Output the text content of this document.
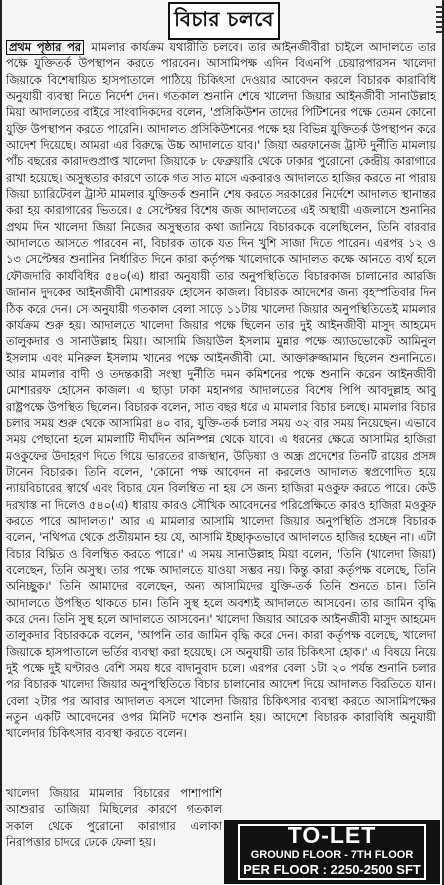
বিচার চলবে

প্রথম পৃষ্ঠার পর মামলার কার্যক্রম যথারীতি চলবে। তার আইনজীবীরা চাইলে আদালতে তার পক্ষে যুক্তিতর্ক উপস্থাপন করতে পারবেন। আসামিপক্ষ এদিন বিএনপি চেয়ারপারসন খালেদা জিয়াকে বিশেষায়িত হাসপাতালে পাঠিয়ে চিকিৎসা দেওয়ার আবেদন করলে বিচারক কারাবিধি অনুযায়ী ব্যবস্থা নিতে নির্দেশ দেন। গতকাল শুনানি শেষে খালেদা জিয়ার আইনজীবী সানাউল্লাহ মিয়া আদালতের বাইরে সাংবাদিকদের বলেন, 'প্রসিকিউশন তাদের পিটিশনের পক্ষে তেমন কোনো যুক্তি উপস্থাপন করতে পারেনি। আদালত প্রসিকিউশনের পক্ষে হয় বিভিন্ন যুক্তিতর্ক উপস্থাপন করে আদেশ দিয়েছে। আমরা এর বিরুদ্ধে উচ্চ আদালতে যাব।' জিয়া অরফানেজ ট্রাস্ট দুর্নীতি মামলায় পাঁচ বছরের কারাদণ্ডপ্রাপ্ত খালেদা জিয়াকে ৮ ফেব্রুয়ারি থেকে ঢাকার পুরোনো কেন্দ্রীয় কারাগারে রাখা হয়েছে। অসুস্থতার কারণে তাকে গত সাত মাসে একবারও আদালতে হাজির করতে না পারায় জিয়া চ্যারিটেবল ট্রাস্ট মামলার যুক্তিতর্ক শুনানি শেষ করতে সরকারের নির্দেশে আদালত স্থানান্তর করা হয় কারাগারের ভিতরে। ৫ সেপ্টেম্বর বিশেষ জজ আদালতের এই অস্থায়ী এজলাসে শুনানির প্রথম দিন খালেদা জিয়া নিজের অসুস্থতার কথা জানিয়ে বিচারককে বলেছিলেন, তিনি বারবার আদালতে আসতে পারবেন না, বিচারক তাকে যত দিন খুশি সাজা দিতে পারেন। এরপর ১২ ও ১৩ সেপ্টেম্বর শুনানির নির্ধারিত দিনে কারা কর্তৃপক্ষ খালেদাকে আদালত কক্ষে আনতে ব্যর্থ হলে ফৌজদারি কার্যবিধির ৫৪০(এ) ধারা অনুযায়ী তার অনুপস্থিতিতে বিচারকাজ চালানোর আরজি জানান দুদকের আইনজীবী মোশাররফ হোসেন কাজল। বিচারক আদেশের জন্য বৃহস্পতিবার দিন ঠিক করে দেন। সে অনুযায়ী গতকাল বেলা সাড়ে ১১টায় খালেদা জিয়ার অনুপস্থিতিতেই মামলার কার্যক্রম শুরু হয়। আদালতে খালেদা জিয়ার পক্ষে ছিলেন তার দুই আইনজীবী মাসুদ আহমেদ তালুকদার ও সানাউল্লাহ মিয়া। আসামি জিয়াউল ইসলাম মুন্নার পক্ষে অ্যাডভোকেট আমিনুল ইসলাম এবং মনিরুল ইসলাম খানের পক্ষে আইনজীবী মো. আক্তারুজ্জামান ছিলেন শুনানিতে। আর মামলার বাদী ও তদন্তকারী সংস্থা দুর্নীতি দমন কমিশনের পক্ষে শুনানি করেন আইনজীবী মোশাররফ হোসেন কাজল। এ ছাড়া ঢাকা মহানগর আদালতের বিশেষ পিপি আবদুল্লাহ আবু রাষ্ট্রপক্ষে উপস্থিত ছিলেন। বিচারক বলেন, সাত বছর ধরে এ মামলার বিচার চলছে। মামলার বিচার চলার সময় শুরু থেকে আসামিরা ৪০ বার, যুক্তি-তর্ক চলার সময় ৩২ বার সময় নিয়েছেন। এভাবে সময় পেছানো হলে মামলাটি দীর্ঘদিন অনিষ্পন্ন থেকে যাবে। এ ধরনের ক্ষেত্রে আসামির হাজিরা মওকুফের উদাহরণ দিতে গিয়ে ভারতের রাজস্থান, উড়িষ্যা ও অন্ধ্র প্রদেশের তিনটি রায়ের প্রসঙ্গ টানেন বিচারক। তিনি বলেন, 'কোনো পক্ষ আবেদন না করলেও আদালত স্বপ্রণোদিত হয়ে ন্যায়বিচারের স্বার্থে এবং বিচার যেন বিলম্বিত না হয় সে জন্য হাজিরা মওকুফ করতে পারে। কেউ দরখাস্ত না দিলেও ৫৪০(এ) ধারায় কারও সৌখিক আবেদনের পরিপ্রেক্ষিতে কারও হাজিরা মওকুফ করতে পারে আদালত।' আর এ মামলার আসামি খালেদা জিয়ার অনুপস্থিতি প্রসঙ্গে বিচারক বলেন, 'নথিপত্র থেকে প্রতীয়মান হয় যে, আসামি ইচ্ছাকৃতভাবে আদালতে হাজির হচ্ছেন না। এটা বিচার বিঘ্নিত ও বিলম্বিত করতে পারে।' এ সময় সানাউল্লাহ মিয়া বলেন, 'তিনি (খালেদা জিয়া) বলেছেন, তিনি অসুস্থ। তার পক্ষে আদালতে যাওয়া সম্ভব নয়। কিন্তু কারা কর্তৃপক্ষ বলেছে, তিনি অনিচ্ছুক।' তিনি আমাদের বলেছেন, অন্য আসামিদের যুক্তি-তর্ক তিনি শুনতে চান। তিনি আদালতে উপস্থিত থাকতে চান। তিনি সুস্থ হলে অবশ্যই আদালতে আসবেন। তার জামিন বৃদ্ধি করে দেন। তিনি সুস্থ হলে আদালতে আসবেন।' খালেদা জিয়ার আরেক আইনজীবী মাসুদ আহমেদ তালুকদার বিচারককে বলেন, 'আপনি তার জামিন বৃদ্ধি করে দেন। কারা কর্তৃপক্ষ বলেছে, খালেদা জিয়াকে হাসপাতালে ভর্তির ব্যবস্থা করা হয়েছে। সে অনুযায়ী তার চিকিৎসা হোক।' এ বিষয়ে নিয়ে দুই পক্ষে দুই ঘণ্টারও বেশি সময় ধরে বাদানুবাদ চলে। এরপর বেলা ১টা ২০ পর্যন্ত শুনানি চলার পর বিচারক খালেদা জিয়ার অনুপস্থিতিতে বিচার চালানোর আদেশ দিয়ে আদালত বিরতিতে যান। বেলা ২টার পর আবার আদালত বসলে খালেদা জিয়ার চিকিৎসার ব্যবস্থা করতে আসামিপক্ষের নতুন একটি আবেদনের ওপর মিনিট দশেক শুনানি হয়। আদেশে বিচারক কারাবিধি অনুযায়ী খালেদার চিকিৎসার ব্যবস্থা করতে বলেন।

খালেদা জিয়ার মামলার বিচারের পাশাপাশি আশুরার তাজিয়া মিছিলের কারণে গতকাল সকাল থেকে পুরোনো কারাগার এলাকা নিরাপত্তার চাদরে ঢেকে ফেলা হয়।	TO-LET
GROUND FLOOR - 7TH FLOOR
PER FLOOR : 2250-2500 SFT
